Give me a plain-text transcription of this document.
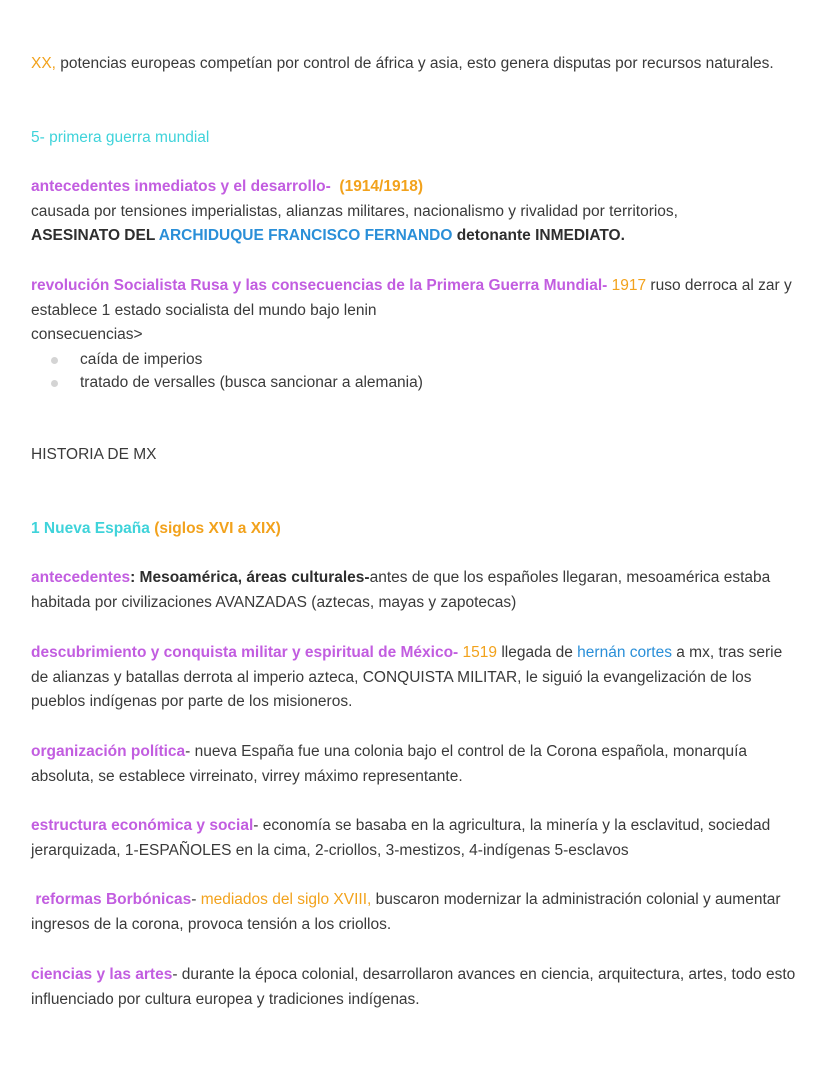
XX, potencias europeas competían por control de áfrica y asia, esto genera disputas por recursos naturales.

5- primera guerra mundial

antecedentes inmediatos y el desarrollo- (1914/1918)
causada por tensiones imperialistas, alianzas militares, nacionalismo y rivalidad por territorios,
ASESINATO DEL ARCHIDUQUE FRANCISCO FERNANDO detonante INMEDIATO.

revolución Socialista Rusa y las consecuencias de la Primera Guerra Mundial- 1917 ruso derroca al zar y establece 1 estado socialista del mundo bajo lenin
consecuencias>

caída de imperios
tratado de versalles (busca sancionar a alemania)

HISTORIA DE MX

1 Nueva España (siglos XVI a XIX)

antecedentes: Mesoamérica, áreas culturales-antes de que los españoles llegaran, mesoamérica estaba habitada por civilizaciones AVANZADAS (aztecas, mayas y zapotecas)

descubrimiento y conquista militar y espiritual de México- 1519 llegada de hernán cortes a mx, tras serie de alianzas y batallas derrota al imperio azteca, CONQUISTA MILITAR, le siguió la evangelización de los pueblos indígenas por parte de los misioneros.

organización política- nueva España fue una colonia bajo el control de la Corona española, monarquía absoluta, se establece virreinato, virrey máximo representante.

estructura económica y social- economía se basaba en la agricultura, la minería y la esclavitud, sociedad jerarquizada, 1-ESPAÑOLES en la cima, 2-criollos, 3-mestizos, 4-indígenas 5-esclavos

reformas Borbónicas- mediados del siglo XVIII, buscaron modernizar la administración colonial y aumentar ingresos de la corona, provoca tensión a los criollos.

ciencias y las artes- durante la época colonial, desarrollaron avances en ciencia, arquitectura, artes, todo esto influenciado por cultura europea y tradiciones indígenas.
